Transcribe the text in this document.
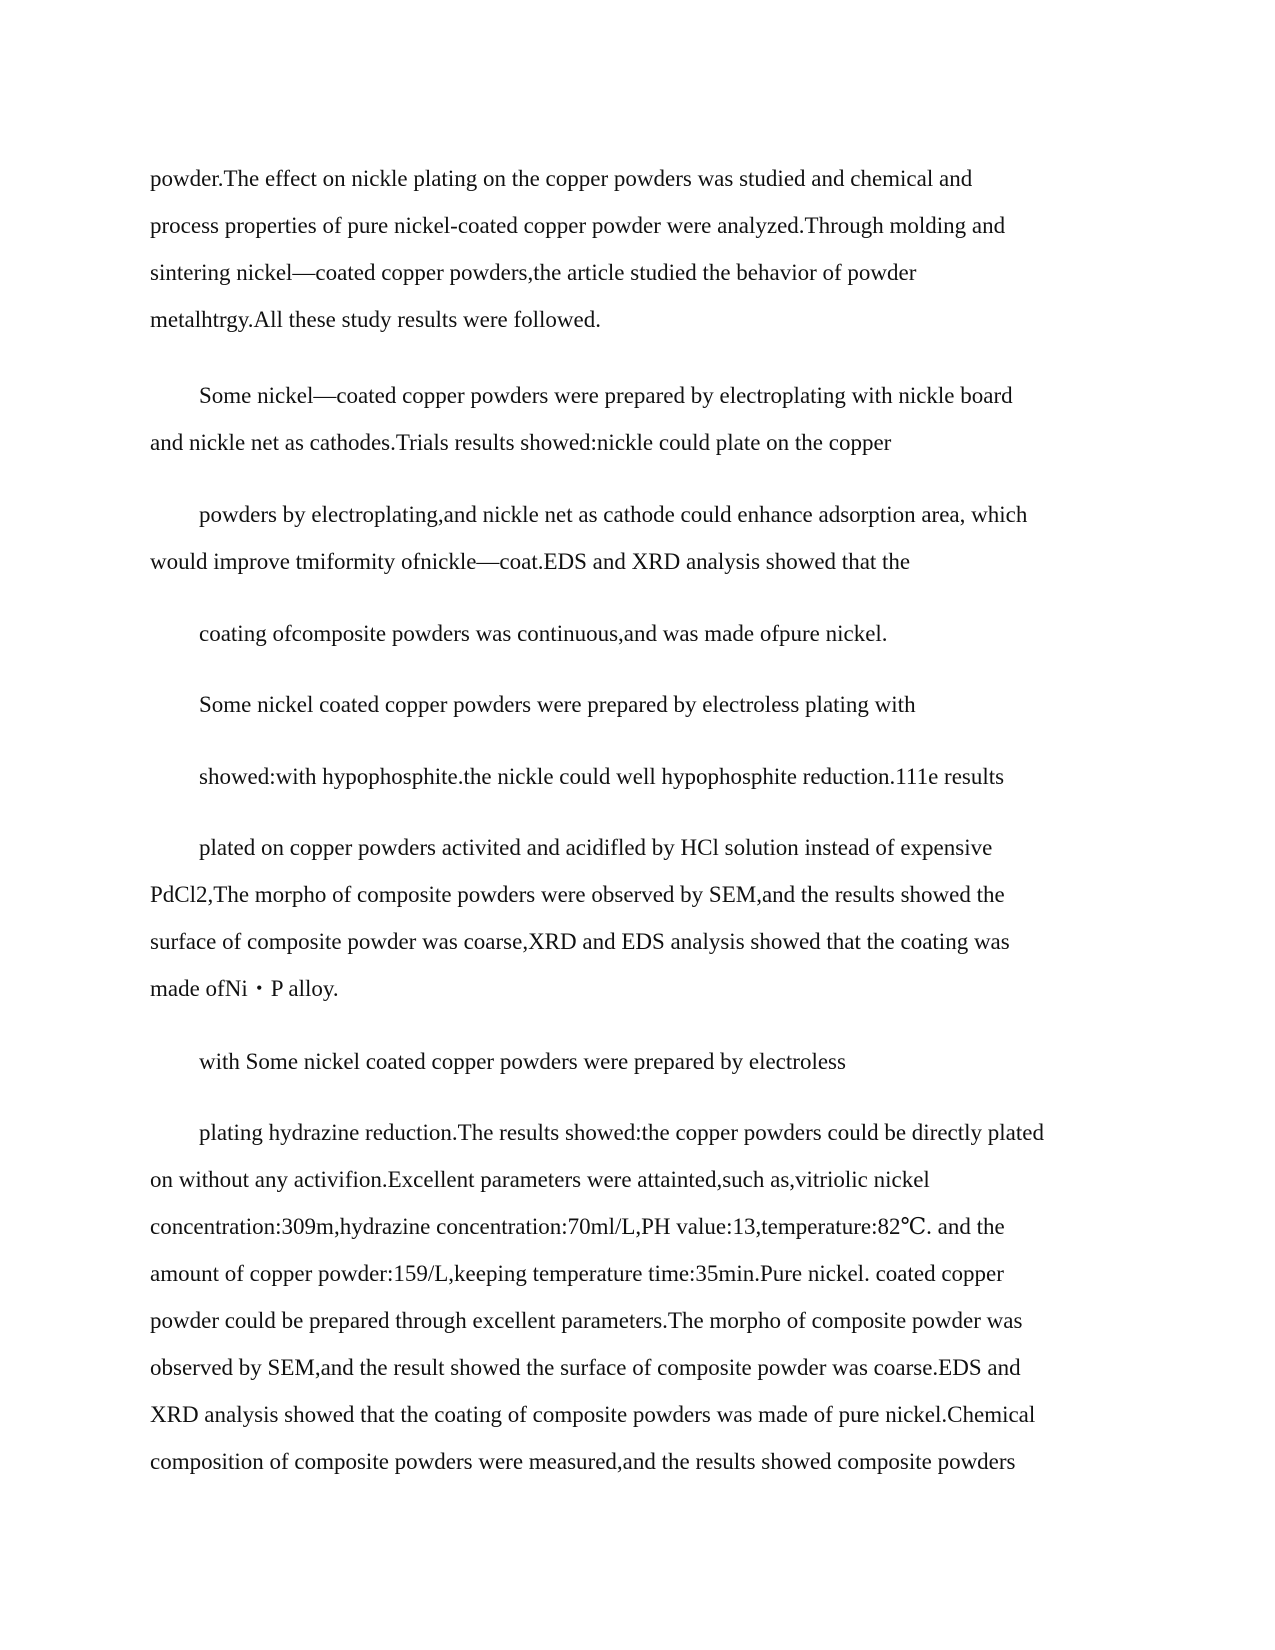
powder.The effect on nickle plating on the copper powders was studied and chemical and
process properties of pure nickel-coated copper powder were analyzed.Through molding and
sintering nickel—coated copper powders,the article studied the behavior of powder
metalhtrgy.All these study results were followed.
Some nickel—coated copper powders were prepared by electroplating with nickle board
and nickle net as cathodes.Trials results showed:nickle could plate on the copper
powders by electroplating,and nickle net as cathode could enhance adsorption area, which
would improve tmiformity ofnickle—coat.EDS and XRD analysis showed that the
coating ofcomposite powders was continuous,and was made ofpure nickel.
Some nickel coated copper powders were prepared by electroless plating with
showed:with hypophosphite.the nickle could well hypophosphite reduction.111e results
plated on copper powders activited and acidifled by HCl solution instead of expensive
PdCl2,The morpho of composite powders were observed by SEM,and the results showed the
surface of composite powder was coarse,XRD and EDS analysis showed that the coating was
made ofNi・P alloy.
with Some nickel coated copper powders were prepared by electroless
plating hydrazine reduction.The results showed:the copper powders could be directly plated
on without any activifion.Excellent parameters were attainted,such as,vitriolic nickel
concentration:309m,hydrazine concentration:70ml/L,PH value:13,temperature:82℃. and the
amount of copper powder:159/L,keeping temperature time:35min.Pure nickel. coated copper
powder could be prepared through excellent parameters.The morpho of composite powder was
observed by SEM,and the result showed the surface of composite powder was coarse.EDS and
XRD analysis showed that the coating of composite powders was made of pure nickel.Chemical
composition of composite powders were measured,and the results showed composite powders
